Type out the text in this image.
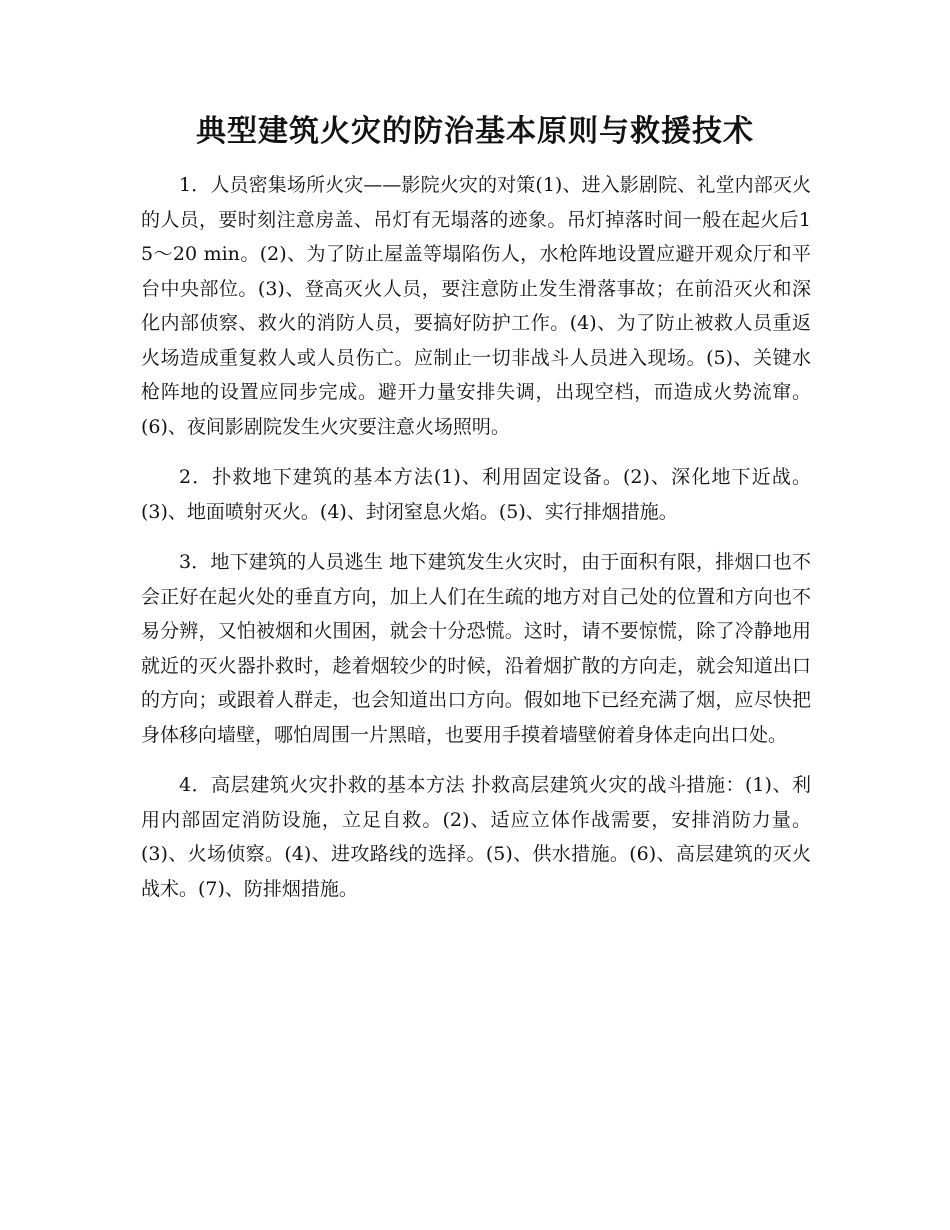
典型建筑火灾的防治基本原则与救援技术

1．人员密集场所火灾——影院火灾的对策(1)、进入影剧院、礼堂内部灭火的人员，要时刻注意房盖、吊灯有无塌落的迹象。吊灯掉落时间一般在起火后15～20 min。(2)、为了防止屋盖等塌陷伤人，水枪阵地设置应避开观众厅和平台中央部位。(3)、登高灭火人员，要注意防止发生滑落事故；在前沿灭火和深化内部侦察、救火的消防人员，要搞好防护工作。(4)、为了防止被救人员重返火场造成重复救人或人员伤亡。应制止一切非战斗人员进入现场。(5)、关键水枪阵地的设置应同步完成。避开力量安排失调，出现空档，而造成火势流窜。(6)、夜间影剧院发生火灾要注意火场照明。

2．扑救地下建筑的基本方法(1)、利用固定设备。(2)、深化地下近战。(3)、地面喷射灭火。(4)、封闭窒息火焰。(5)、实行排烟措施。

3．地下建筑的人员逃生 地下建筑发生火灾时，由于面积有限，排烟口也不会正好在起火处的垂直方向，加上人们在生疏的地方对自己处的位置和方向也不易分辨，又怕被烟和火围困，就会十分恐慌。这时，请不要惊慌，除了冷静地用就近的灭火器扑救时，趁着烟较少的时候，沿着烟扩散的方向走，就会知道出口的方向；或跟着人群走，也会知道出口方向。假如地下已经充满了烟，应尽快把身体移向墙壁，哪怕周围一片黑暗，也要用手摸着墙壁俯着身体走向出口处。

4．高层建筑火灾扑救的基本方法 扑救高层建筑火灾的战斗措施：(1)、利用内部固定消防设施，立足自救。(2)、适应立体作战需要，安排消防力量。(3)、火场侦察。(4)、进攻路线的选择。(5)、供水措施。(6)、高层建筑的灭火战术。(7)、防排烟措施。
